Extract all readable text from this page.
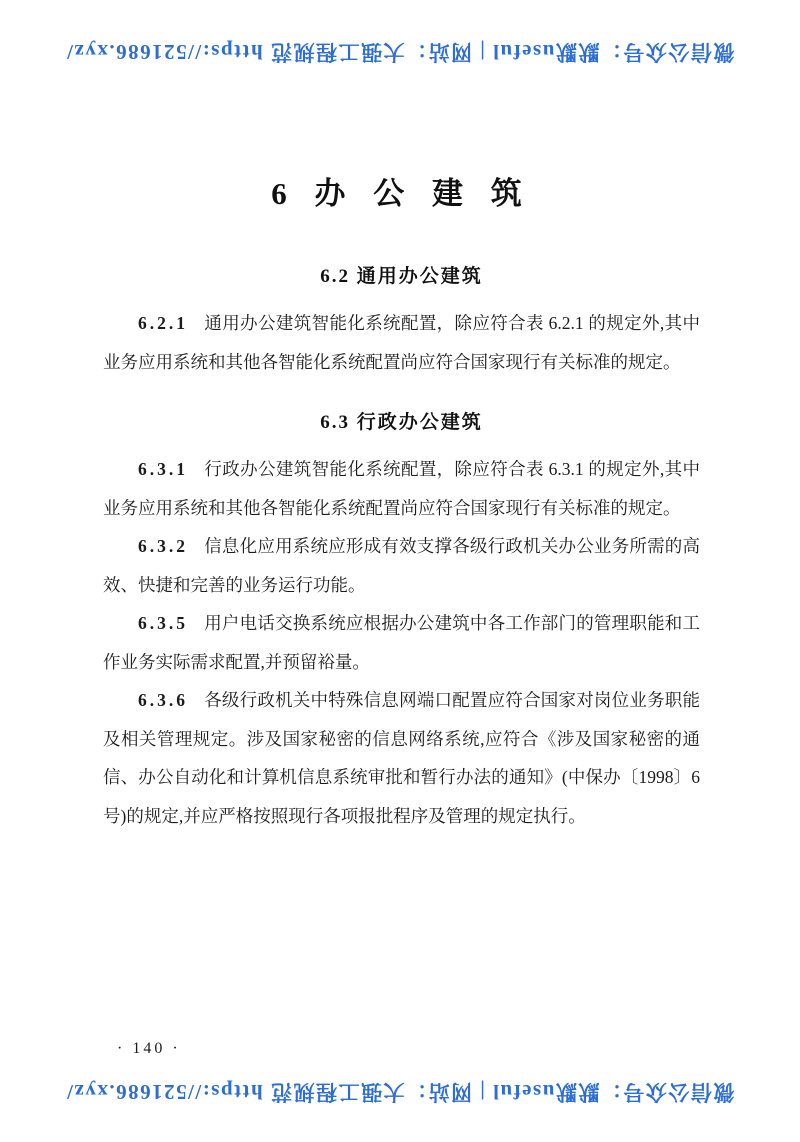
微信公众号：默默useful | 网站：大强工程规范 https://521686.xyz/
6 办 公 建 筑
6.2 通用办公建筑

6.2.1 通用办公建筑智能化系统配置，除应符合表 6.2.1 的规定外,其中业务应用系统和其他各智能化系统配置尚应符合国家现行有关标准的规定。

6.3 行政办公建筑

6.3.1 行政办公建筑智能化系统配置，除应符合表 6.3.1 的规定外,其中业务应用系统和其他各智能化系统配置尚应符合国家现行有关标准的规定。

6.3.2 信息化应用系统应形成有效支撑各级行政机关办公业务所需的高效、快捷和完善的业务运行功能。

6.3.5 用户电话交换系统应根据办公建筑中各工作部门的管理职能和工作业务实际需求配置,并预留裕量。

6.3.6 各级行政机关中特殊信息网端口配置应符合国家对岗位业务职能及相关管理规定。涉及国家秘密的信息网络系统,应符合《涉及国家秘密的通信、办公自动化和计算机信息系统审批和暂行办法的通知》(中保办〔1998〕6 号)的规定,并应严格按照现行各项报批程序及管理的规定执行。

· 140 ·
微信公众号：默默useful | 网站：大强工程规范 https://521686.xyz/
